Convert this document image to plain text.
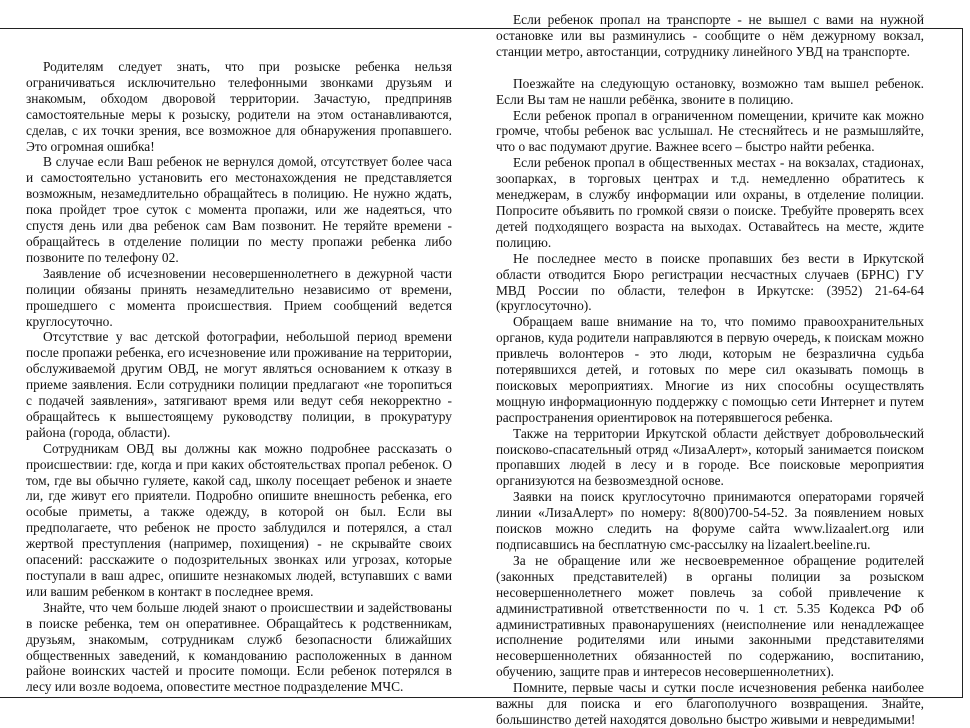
Родителям следует знать, что при розыске ребенка нельзя ограничиваться исключительно телефонными звонками друзьям и знакомым, обходом дворовой территории. Зачастую, предприняв самостоятельные меры к розыску, родители на этом останавливаются, сделав, с их точки зрения, все возможное для обнаружения пропавшего. Это огромная ошибка!

В случае если Ваш ребенок не вернулся домой, отсутствует более часа и самостоятельно установить его местонахождения не представляется возможным, незамедлительно обращайтесь в полицию. Не нужно ждать, пока пройдет трое суток с момента пропажи, или же надеяться, что спустя день или два ребенок сам Вам позвонит. Не теряйте времени - обращайтесь в отделение полиции по месту пропажи ребенка либо позвоните по телефону 02.

Заявление об исчезновении несовершеннолетнего в дежурной части полиции обязаны принять незамедлительно независимо от времени, прошедшего с момента происшествия. Прием сообщений ведется круглосуточно.

Отсутствие у вас детской фотографии, небольшой период времени после пропажи ребенка, его исчезновение или проживание на территории, обслуживаемой другим ОВД, не могут являться основанием к отказу в приеме заявления. Если сотрудники полиции предлагают «не торопиться с подачей заявления», затягивают время или ведут себя некорректно - обращайтесь к вышестоящему руководству полиции, в прокуратуру района (города, области).

Сотрудникам ОВД вы должны как можно подробнее рассказать о происшествии: где, когда и при каких обстоятельствах пропал ребенок. О том, где вы обычно гуляете, какой сад, школу посещает ребенок и знаете ли, где живут его приятели. Подробно опишите внешность ребенка, его особые приметы, а также одежду, в которой он был. Если вы предполагаете, что ребенок не просто заблудился и потерялся, а стал жертвой преступления (например, похищения) - не скрывайте своих опасений: расскажите о подозрительных звонках или угрозах, которые поступали в ваш адрес, опишите незнакомых людей, вступавших с вами или вашим ребенком в контакт в последнее время.

Знайте, что чем больше людей знают о происшествии и задействованы в поиске ребенка, тем он оперативнее. Обращайтесь к родственникам, друзьям, знакомым, сотрудникам служб безопасности ближайших общественных заведений, к командованию расположенных в данном районе воинских частей и просите помощи. Если ребенок потерялся в лесу или возле водоема, оповестите местное подразделение МЧС.

Если ребенок пропал на транспорте - не вышел с вами на нужной остановке или вы разминулись - сообщите о нём дежурному вокзал, станции метро, автостанции, сотруднику линейного УВД на транспорте.

Поезжайте на следующую остановку, возможно там вышел ребенок. Если Вы там не нашли ребёнка, звоните в полицию.

Если ребенок пропал в ограниченном помещении, кричите как можно громче, чтобы ребенок вас услышал. Не стесняйтесь и не размышляйте, что о вас подумают другие. Важнее всего – быстро найти ребенка.

Если ребенок пропал в общественных местах - на вокзалах, стадионах, зоопарках, в торговых центрах и т.д. немедленно обратитесь к менеджерам, в службу информации или охраны, в отделение полиции. Попросите объявить по громкой связи о поиске. Требуйте проверять всех детей подходящего возраста на выходах. Оставайтесь на месте, ждите полицию.

Не последнее место в поиске пропавших без вести в Иркутской области отводится Бюро регистрации несчастных случаев (БРНС) ГУ МВД России по области, телефон в Иркутске: (3952) 21-64-64 (круглосуточно).

Обращаем ваше внимание на то, что помимо правоохранительных органов, куда родители направляются в первую очередь, к поискам можно привлечь волонтеров - это люди, которым не безразлична судьба потерявшихся детей, и готовых по мере сил оказывать помощь в поисковых мероприятиях. Многие из них способны осуществлять мощную информационную поддержку с помощью сети Интернет и путем распространения ориентировок на потерявшегося ребенка.

Также на территории Иркутской области действует добровольческий поисково-спасательный отряд «ЛизаАлерт», который занимается поиском пропавших людей в лесу и в городе. Все поисковые мероприятия организуются на безвозмездной основе.

Заявки на поиск круглосуточно принимаются операторами горячей линии «ЛизаАлерт» по номеру: 8(800)700-54-52. За появлением новых поисков можно следить на форуме сайта www.lizaalert.org или подписавшись на бесплатную смс-рассылку на lizaalert.beeline.ru.

За не обращение или же несвоевременное обращение родителей (законных представителей) в органы полиции за розыском несовершеннолетнего может повлечь за собой привлечение к административной ответственности по ч. 1 ст. 5.35 Кодекса РФ об административных правонарушениях (неисполнение или ненадлежащее исполнение родителями или иными законными представителями несовершеннолетних обязанностей по содержанию, воспитанию, обучению, защите прав и интересов несовершеннолетних).

Помните, первые часы и сутки после исчезновения ребенка наиболее важны для поиска и его благополучного возвращения. Знайте, большинство детей находятся довольно быстро живыми и невредимыми!
